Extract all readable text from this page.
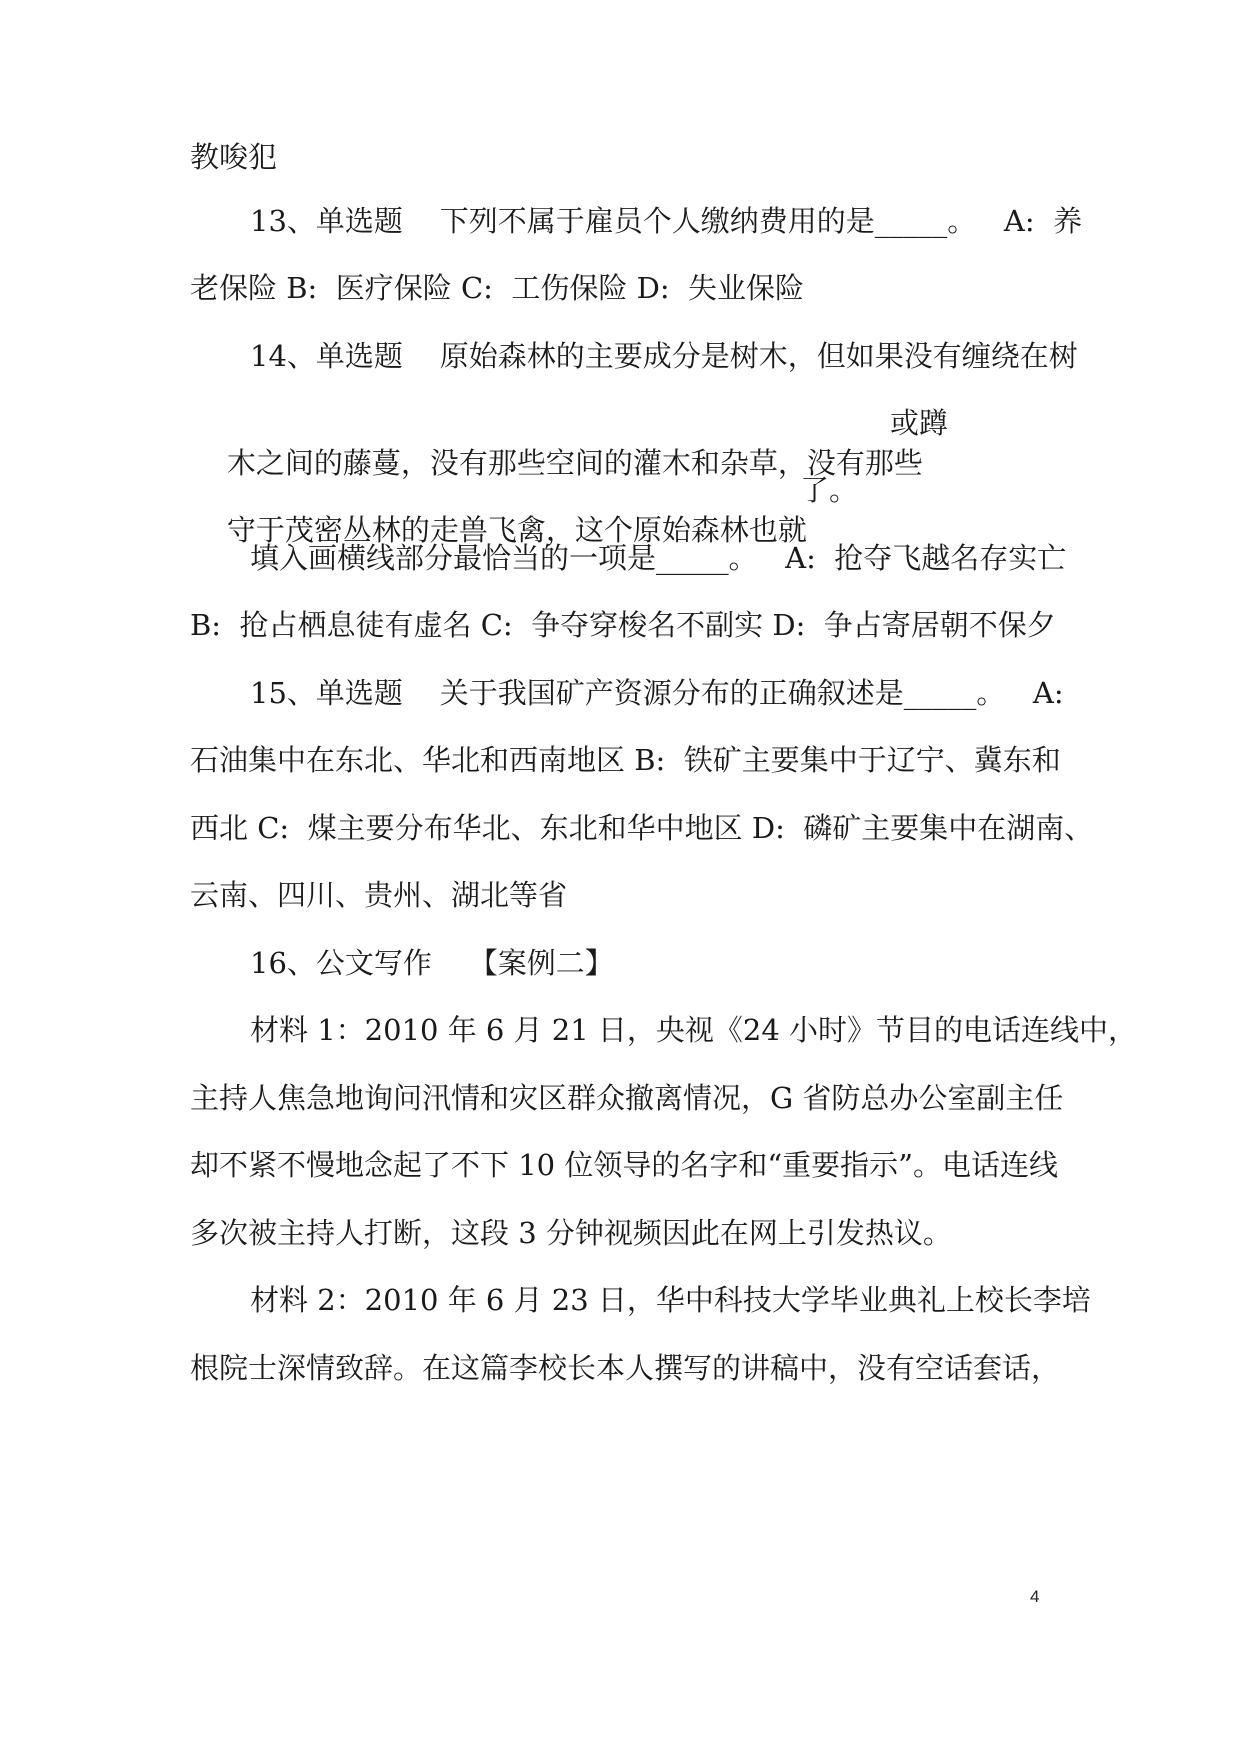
教唆犯
13、单选题    下列不属于雇员个人缴纳费用的是_____。   A:  养
老保险 B:  医疗保险 C:  工伤保险 D:  失业保险
14、单选题    原始森林的主要成分是树木，但如果没有缠绕在树

木之间的藤蔓，没有那些空间的灌木和杂草，没有那些

或蹲

守于茂密丛林的走兽飞禽，这个原始森林也就

了。

填入画横线部分最恰当的一项是_____。   A:  抢夺飞越名存实亡
B:  抢占栖息徒有虚名 C:  争夺穿梭名不副实 D:  争占寄居朝不保夕
15、单选题    关于我国矿产资源分布的正确叙述是_____。   A:
石油集中在东北、华北和西南地区 B:  铁矿主要集中于辽宁、冀东和
西北 C:  煤主要分布华北、东北和华中地区 D:  磷矿主要集中在湖南、
云南、四川、贵州、湖北等省
16、公文写作    【案例二】
材料 1：2010 年 6 月 21 日，央视《24 小时》节目的电话连线中，
主持人焦急地询问汛情和灾区群众撤离情况，G 省防总办公室副主任
却不紧不慢地念起了不下 10 位领导的名字和“重要指示”。电话连线
多次被主持人打断，这段 3 分钟视频因此在网上引发热议。
材料 2：2010 年 6 月 23 日，华中科技大学毕业典礼上校长李培
根院士深情致辞。在这篇李校长本人撰写的讲稿中，没有空话套话，
4
